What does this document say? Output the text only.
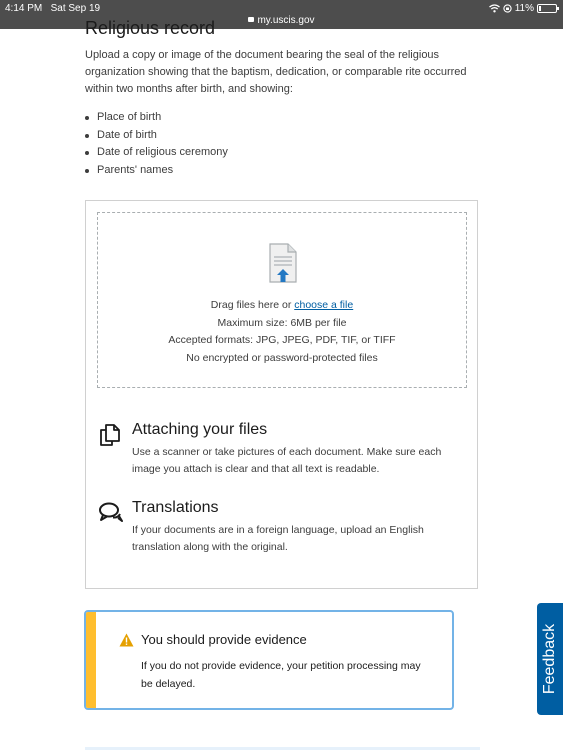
4:14 PM Sat Sep 19
my.uscis.gov
11%
Religious record
Upload a copy or image of the document bearing the seal of the religious organization showing that the baptism, dedication, or comparable rite occurred within two months after birth, and showing:
Place of birth
Date of birth
Date of religious ceremony
Parents' names
Drag files here or choose a file
Maximum size: 6MB per file
Accepted formats: JPG, JPEG, PDF, TIF, or TIFF
No encrypted or password-protected files
Attaching your files

Use a scanner or take pictures of each document. Make sure each image you attach is clear and that all text is readable.

Translations

If your documents are in a foreign language, upload an English translation along with the original.

You should provide evidence
If you do not provide evidence, your petition processing may be delayed.	Feedback
